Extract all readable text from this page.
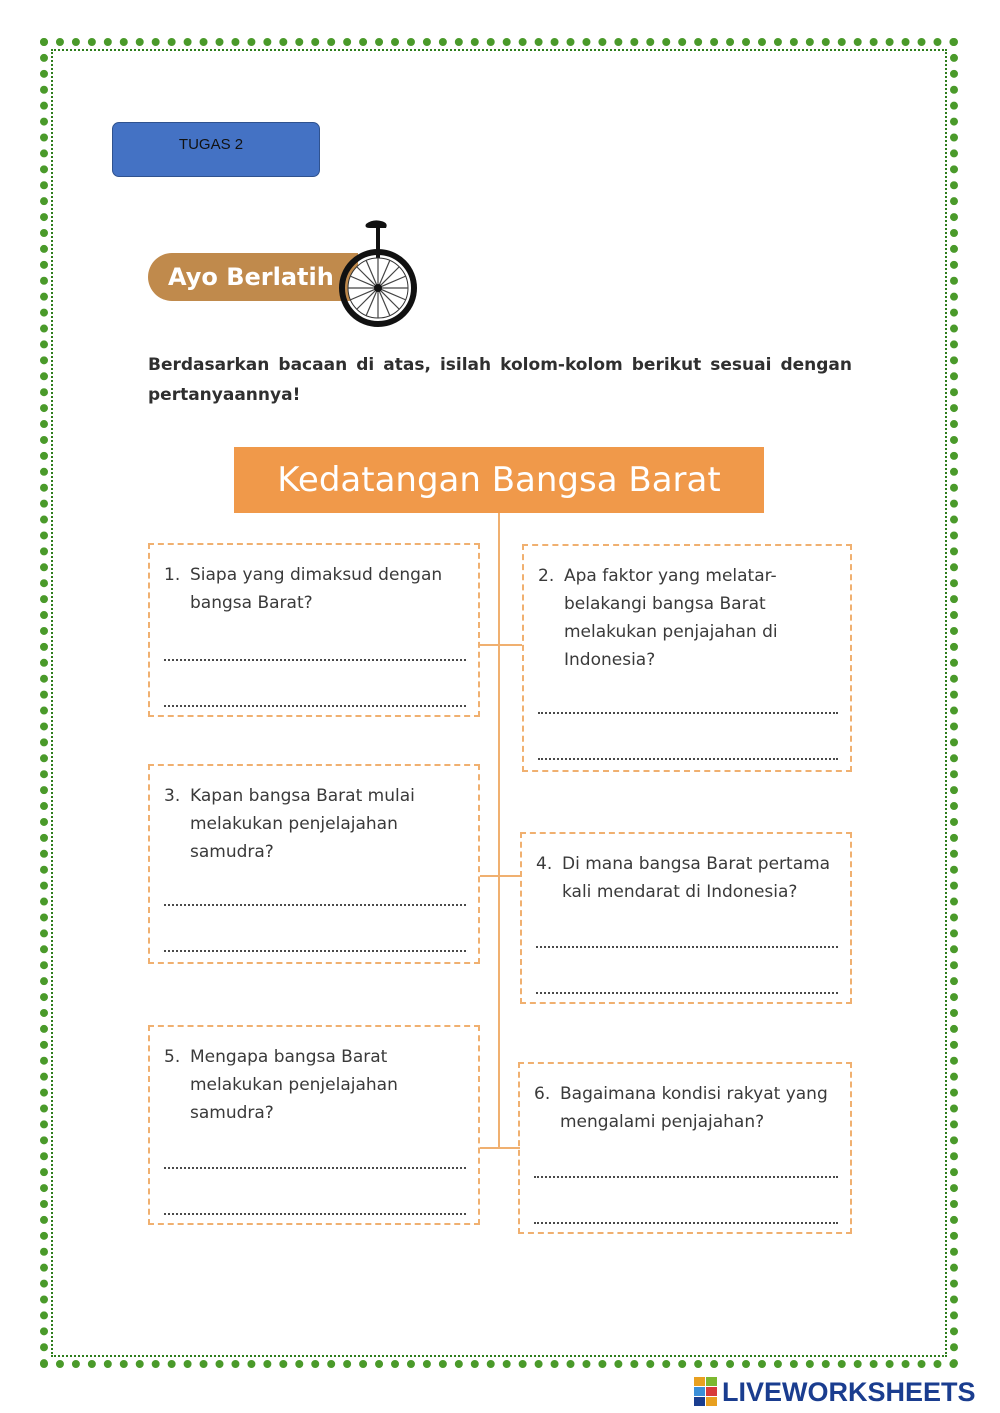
TUGAS 2
Ayo Berlatih
Berdasarkan bacaan di atas, isilah kolom-kolom berikut sesuai dengan pertanyaannya!
Kedatangan Bangsa Barat
1. Siapa yang dimaksud dengan bangsa Barat?
2. Apa faktor yang melatar-belakangi bangsa Barat melakukan penjajahan di Indonesia?
3. Kapan bangsa Barat mulai melakukan penjelajahan samudra?
4. Di mana bangsa Barat pertama kali mendarat di Indonesia?
5. Mengapa bangsa Barat melakukan penjelajahan samudra?
6. Bagaimana kondisi rakyat yang mengalami penjajahan?
LIVEWORKSHEETS
